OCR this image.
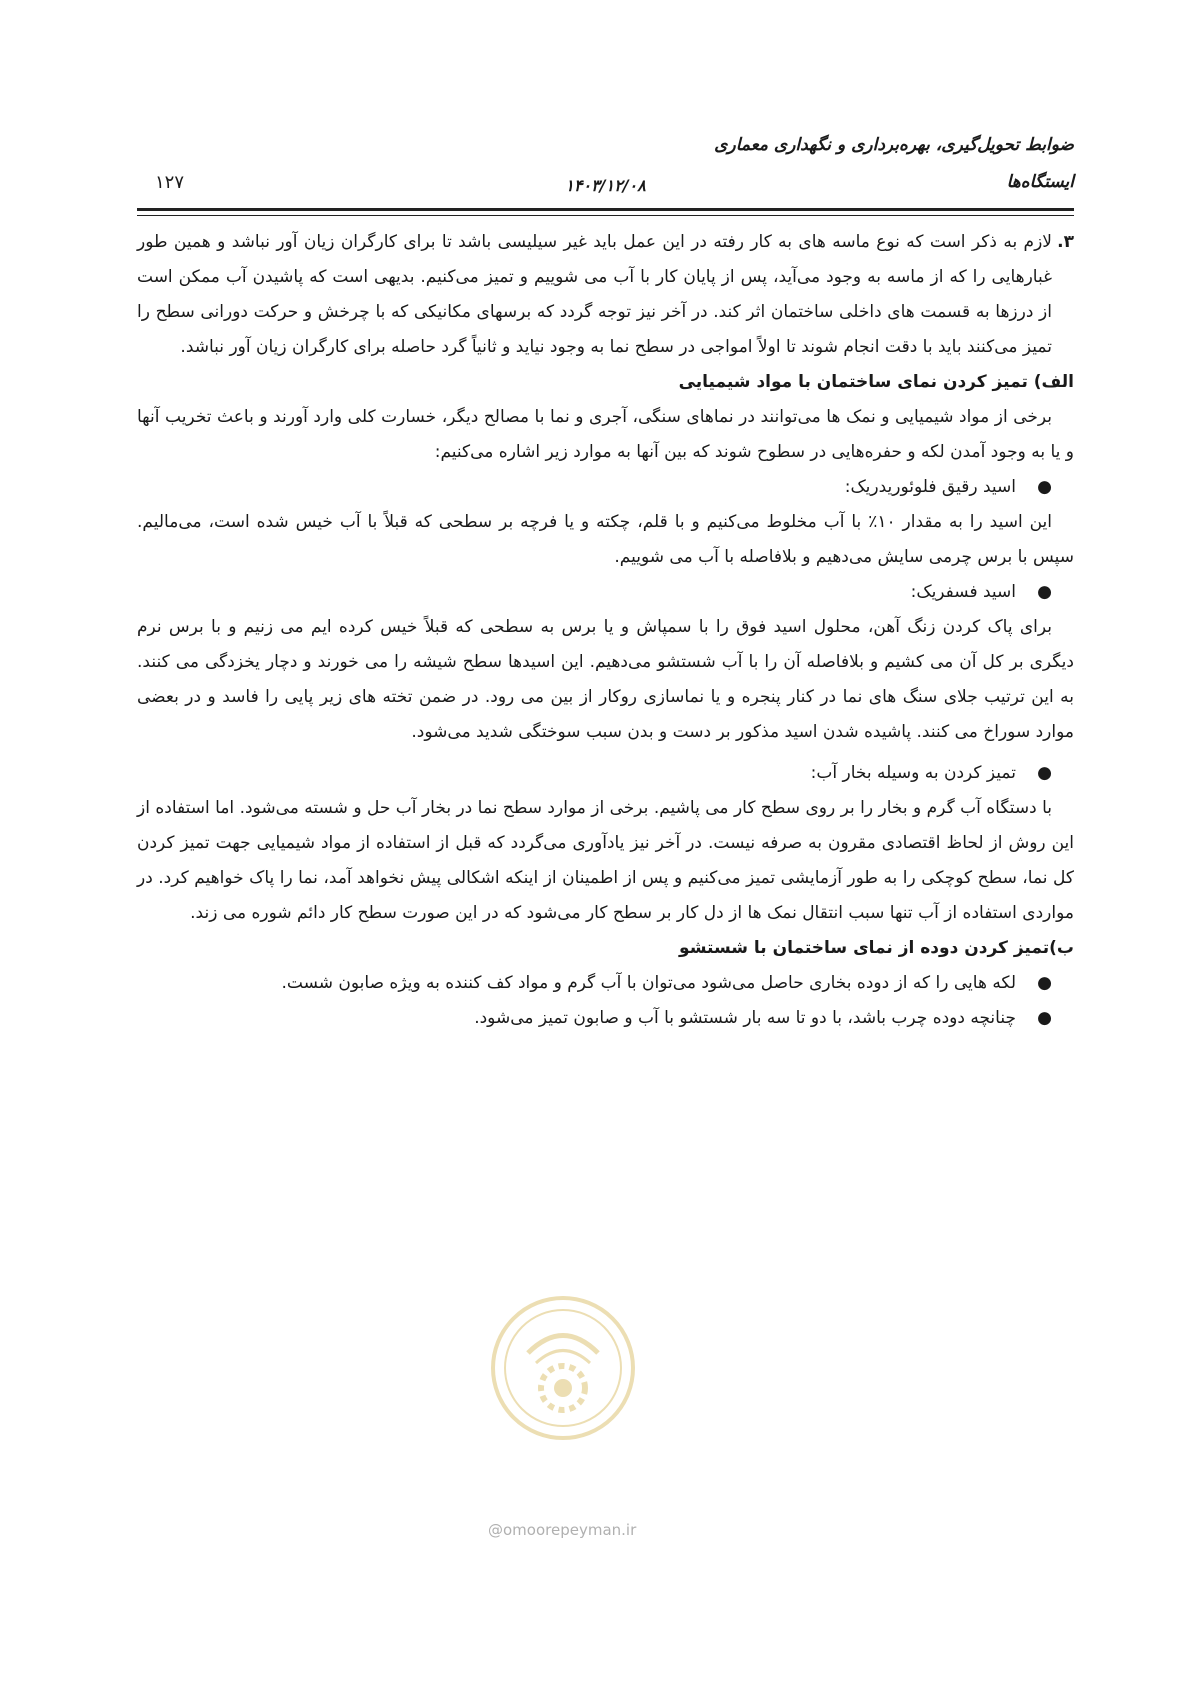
ضوابط تحویل‌گیری، بهره‌برداری و نگهداری معماری
ایستگاه‌ها
۱۴۰۳/۱۲/۰۸
۱۲۷

۳.
لازم به ذکر است که نوع ماسه های به کار رفته در این عمل باید غیر سیلیسی باشد تا برای کارگران زیان آور نباشد و همین طور غبارهایی را که از ماسه به وجود می‌آید، پس از پایان کار با آب می شوییم و تمیز می‌کنیم. بدیهی است که پاشیدن آب ممکن است از درزها به قسمت های داخلی ساختمان اثر کند. در آخر نیز توجه گردد که برسهای مکانیکی که با چرخش و حرکت دورانی سطح را تمیز می‌کنند باید با دقت انجام شوند تا اولاً امواجی در سطح نما به وجود نیاید و ثانیاً گرد حاصله برای کارگران زیان آور نباشد.

الف) تمیز کردن نمای ساختمان با مواد شیمیایی

برخی از مواد شیمیایی و نمک ها می‌توانند در نماهای سنگی، آجری و نما با مصالح دیگر، خسارت کلی وارد آورند و باعث تخریب آنها و یا به وجود آمدن لکه و حفره‌هایی در سطوح شوند که بین آنها به موارد زیر اشاره می‌کنیم:

●
اسید رقیق فلوئوریدریک:

این اسید را به مقدار ۱۰٪ با آب مخلوط می‌کنیم و با قلم، چکته و یا فرچه بر سطحی که قبلاً با آب خیس شده است، می‌مالیم. سپس با برس چرمی سایش می‌دهیم و بلافاصله با آب می شوییم.

●
اسید فسفریک:

برای پاک کردن زنگ آهن، محلول اسید فوق را با سمپاش و یا برس به سطحی که قبلاً خیس کرده ایم می زنیم و با برس نرم دیگری بر کل آن می کشیم و بلافاصله آن را با آب شستشو می‌دهیم. این اسیدها سطح شیشه را می خورند و دچار یخزدگی می کنند. به این ترتیب جلای سنگ های نما در کنار پنجره و یا نماسازی روکار از بین می رود. در ضمن تخته های زیر پایی را فاسد و در بعضی موارد سوراخ می کنند. پاشیده شدن اسید مذکور بر دست و بدن سبب سوختگی شدید می‌شود.

●
تمیز کردن به وسیله بخار آب:

با دستگاه آب گرم و بخار را بر روی سطح کار می پاشیم. برخی از موارد سطح نما در بخار آب حل و شسته می‌شود. اما استفاده از این روش از لحاظ اقتصادی مقرون به صرفه نیست. در آخر نیز یادآوری می‌گردد که قبل از استفاده از مواد شیمیایی جهت تمیز کردن کل نما، سطح کوچکی را به طور آزمایشی تمیز می‌کنیم و پس از اطمینان از اینکه اشکالی پیش نخواهد آمد، نما را پاک خواهیم کرد. در مواردی استفاده از آب تنها سبب انتقال نمک ها از دل کار بر سطح کار می‌شود که در این صورت سطح کار دائم شوره می زند.

ب)تمیز کردن دوده از نمای ساختمان با شستشو

●
لکه هایی را که از دوده بخاری حاصل می‌شود می‌توان با آب گرم و مواد کف کننده به ویژه صابون شست.

●
چنانچه دوده چرب باشد، با دو تا سه بار شستشو با آب و صابون تمیز می‌شود.

@omoorepeyman.ir
